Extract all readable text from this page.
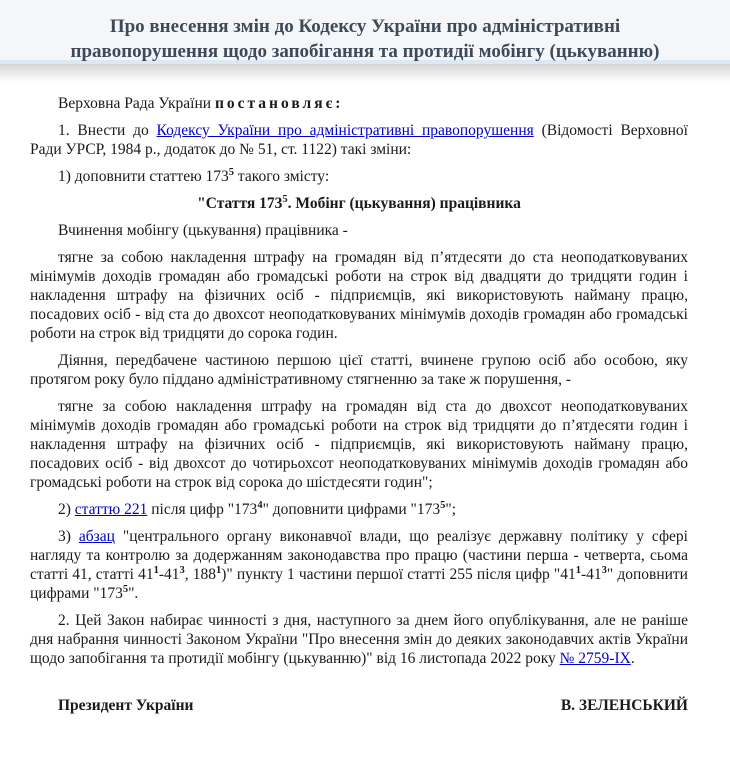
Про внесення змін до Кодексу України про адміністративні правопорушення щодо запобігання та протидії мобінгу (цькуванню)

Верховна Рада України постановляє:

1. Внести до Кодексу України про адміністративні правопорушення (Відомості Верховної Ради УРСР, 1984 р., додаток до № 51, ст. 1122) такі зміни:

1) доповнити статтею $173^5$ такого змісту:

"Стаття $173^5$. Мобінг (цькування) працівника

Вчинення мобінгу (цькування) працівника -

тягне за собою накладення штрафу на громадян від п’ятдесяти до ста неоподатковуваних мінімумів доходів громадян або громадські роботи на строк від двадцяти до тридцяти годин і накладення штрафу на фізичних осіб - підприємців, які використовують найману працю, посадових осіб - від ста до двохсот неоподатковуваних мінімумів доходів громадян або громадські роботи на строк від тридцяти до сорока годин.

Діяння, передбачене частиною першою цієї статті, вчинене групою осіб або особою, яку протягом року було піддано адміністративному стягненню за таке ж порушення, -

тягне за собою накладення штрафу на громадян від ста до двохсот неоподатковуваних мінімумів доходів громадян або громадські роботи на строк від тридцяти до п’ятдесяти годин і накладення штрафу на фізичних осіб - підприємців, які використовують найману працю, посадових осіб - від двохсот до чотирьохсот неоподатковуваних мінімумів доходів громадян або громадські роботи на строк від сорока до шістдесяти годин";

2) статтю 221 після цифр "$173^4$" доповнити цифрами "$173^5$";

3) абзац "центрального органу виконавчої влади, що реалізує державну політику у сфері нагляду та контролю за додержанням законодавства про працю (частини перша - четверта, сьома статті 41, статті $41^1-41^3$, $188^1$)" пункту 1 частини першої статті 255 після цифр "$41^1-41^3$" доповнити цифрами "$173^5$".

2. Цей Закон набирає чинності з дня, наступного за днем його опублікування, але не раніше дня набрання чинності Законом України "Про внесення змін до деяких законодавчих актів України щодо запобігання та протидії мобінгу (цькуванню)" від 16 листопада 2022 року № 2759-IX.

Президент України	В. ЗЕЛЕНСЬКИЙ
